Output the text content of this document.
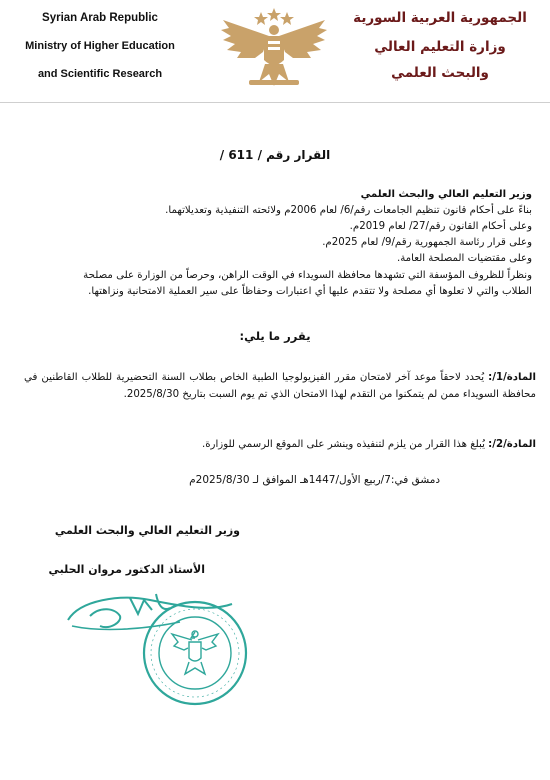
Syrian Arab Republic
Ministry of Higher Education
and Scientific Research
الجمهورية العربية السورية
وزارة التعليم العالي
والبحث العلمي
القرار رقم / 611 /
وزير التعليم العالي والبحث العلمي
بناءً على أحكام قانون تنظيم الجامعات رقم/6/ لعام 2006م ولائحته التنفيذية وتعديلاتهما.
وعلى أحكام القانون رقم/27/ لعام 2019م.
وعلى قرار رئاسة الجمهورية رقم/9/ لعام 2025م.
وعلى مقتضيات المصلحة العامة.
ونظراً للظروف المؤسفة التي تشهدها محافظة السويداء في الوقت الراهن، وحرصاً من الوزارة على مصلحة
الطلاب والتي لا تعلوها أي مصلحة ولا تتقدم عليها أي اعتبارات وحفاظاً على سير العملية الامتحانية ونزاهتها.
يقرر ما يلي:
المادة/1/: يُحدد لاحقاً موعد آخر لامتحان مقرر الفيزيولوجيا الطبية الخاص بطلاب السنة التحضيرية للطلاب القاطنين في محافظة السويداء ممن لم يتمكنوا من التقدم لهذا الامتحان الذي تم يوم السبت بتاريخ 2025/8/30.
المادة/2/: يُبلغ هذا القرار من يلزم لتنفيذه وينشر على الموقع الرسمي للوزارة.
دمشق في:7/ربيع الأول/1447هـ الموافق لـ 2025/8/30م
وزير التعليم العالي والبحث العلمي
الأستاذ الدكتور مروان الحلبي
